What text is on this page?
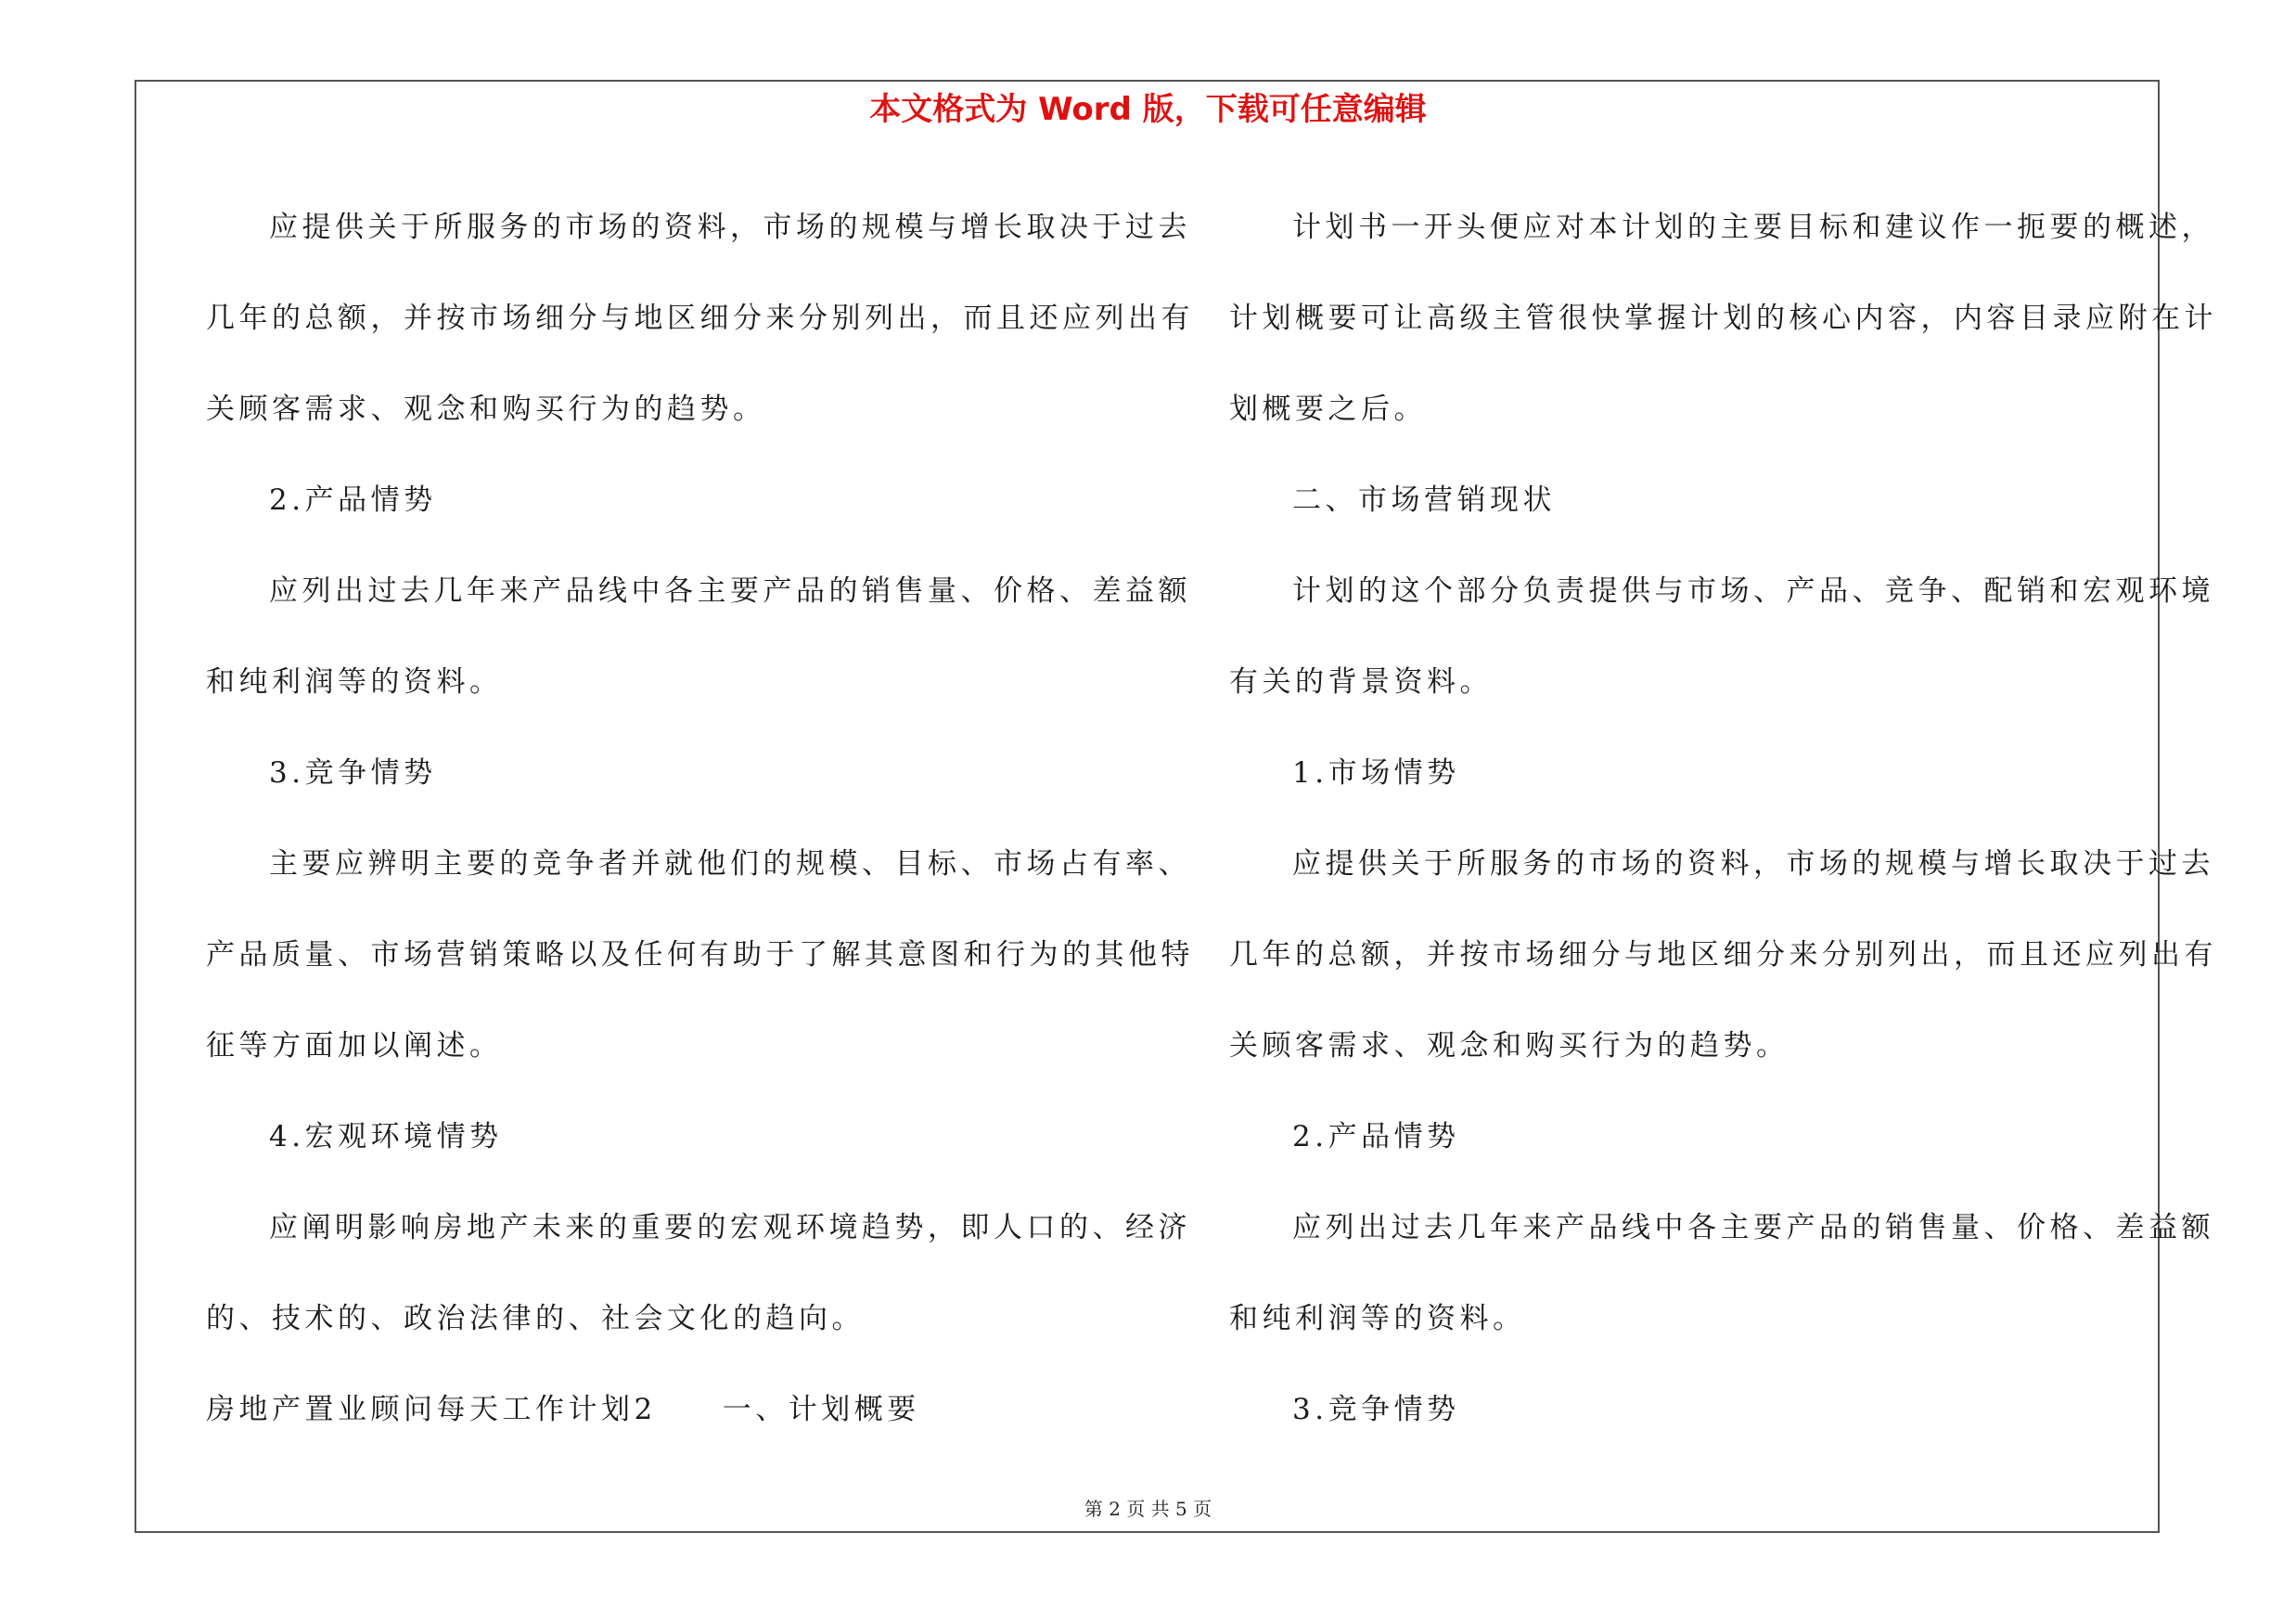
本文格式为 Word 版，下载可任意编辑

应提供关于所服务的市场的资料，市场的规模与增长取决于过去

几年的总额，并按市场细分与地区细分来分别列出，而且还应列出有

关顾客需求、观念和购买行为的趋势。

2.产品情势

应列出过去几年来产品线中各主要产品的销售量、价格、差益额

和纯利润等的资料。

3.竞争情势

主要应辨明主要的竞争者并就他们的规模、目标、市场占有率、

产品质量、市场营销策略以及任何有助于了解其意图和行为的其他特

征等方面加以阐述。

4.宏观环境情势

应阐明影响房地产未来的重要的宏观环境趋势，即人口的、经济

的、技术的、政治法律的、社会文化的趋向。

房地产置业顾问每天工作计划2　　一、计划概要

计划书一开头便应对本计划的主要目标和建议作一扼要的概述，

计划概要可让高级主管很快掌握计划的核心内容，内容目录应附在计

划概要之后。

二、市场营销现状

计划的这个部分负责提供与市场、产品、竞争、配销和宏观环境

有关的背景资料。

1.市场情势

应提供关于所服务的市场的资料，市场的规模与增长取决于过去

几年的总额，并按市场细分与地区细分来分别列出，而且还应列出有

关顾客需求、观念和购买行为的趋势。

2.产品情势

应列出过去几年来产品线中各主要产品的销售量、价格、差益额

和纯利润等的资料。

3.竞争情势

第 2 页 共 5 页
